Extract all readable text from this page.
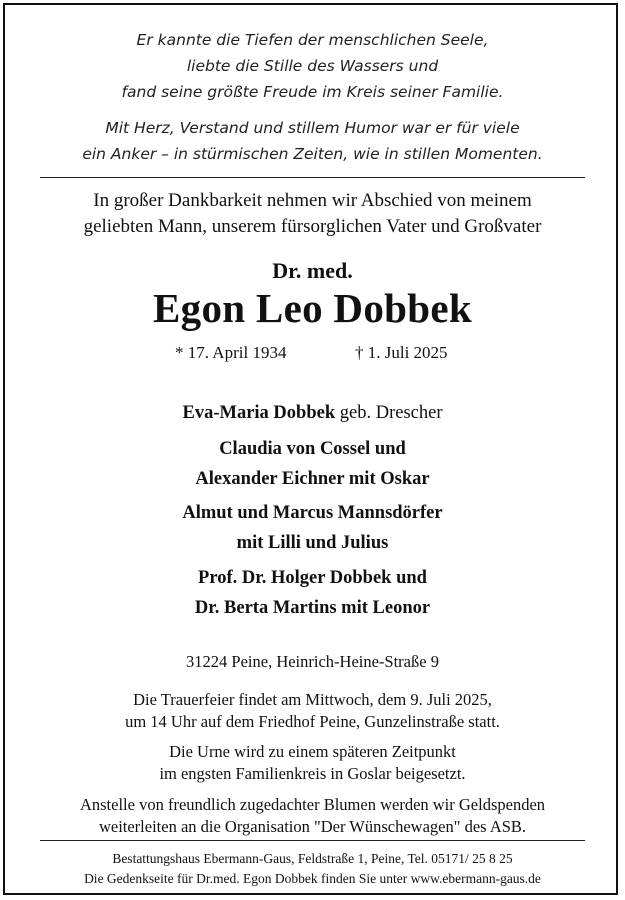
Er kannte die Tiefen der menschlichen Seele,
liebte die Stille des Wassers und
fand seine größte Freude im Kreis seiner Familie.
Mit Herz, Verstand und stillem Humor war er für viele
ein Anker – in stürmischen Zeiten, wie in stillen Momenten.
In großer Dankbarkeit nehmen wir Abschied von meinem
geliebten Mann, unserem fürsorglichen Vater und Großvater
Dr. med.
Egon Leo Dobbek
* 17. April 1934	† 1. Juli 2025
Eva-Maria Dobbek geb. Drescher
Claudia von Cossel und
Alexander Eichner mit Oskar
Almut und Marcus Mannsdörfer
mit Lilli und Julius
Prof. Dr. Holger Dobbek und
Dr. Berta Martins mit Leonor
31224 Peine, Heinrich-Heine-Straße 9
Die Trauerfeier findet am Mittwoch, dem 9. Juli 2025,
um 14 Uhr auf dem Friedhof Peine, Gunzelinstraße statt.
Die Urne wird zu einem späteren Zeitpunkt
im engsten Familienkreis in Goslar beigesetzt.
Anstelle von freundlich zugedachter Blumen werden wir Geldspenden
weiterleiten an die Organisation "Der Wünschewagen" des ASB.
Bestattungshaus Ebermann-Gaus, Feldstraße 1, Peine, Tel. 05171/ 25 8 25
Die Gedenkseite für Dr.med. Egon Dobbek finden Sie unter www.ebermann-gaus.de
